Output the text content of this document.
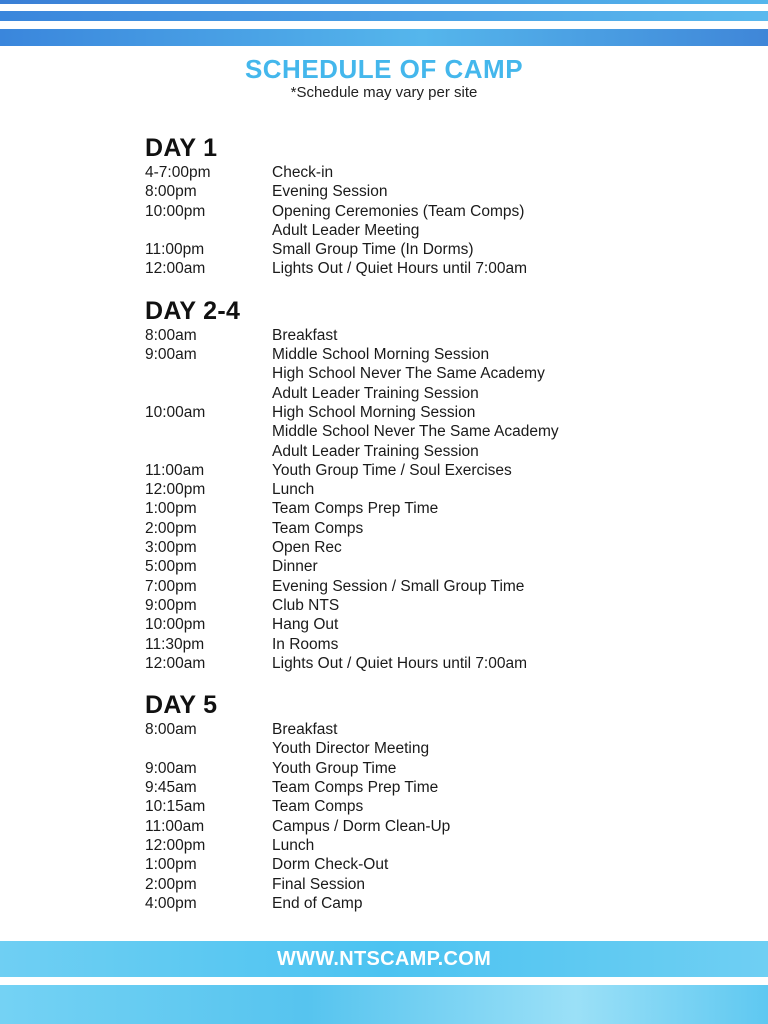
SCHEDULE OF CAMP
*Schedule may vary per site
DAY 1
4-7:00pm	Check-in
8:00pm	Evening Session
10:00pm	Opening Ceremonies (Team Comps)
Adult Leader Meeting
11:00pm	Small Group Time (In Dorms)
12:00am	Lights Out / Quiet Hours until 7:00am
DAY 2-4
8:00am	Breakfast
9:00am	Middle School Morning Session
High School Never The Same Academy
Adult Leader Training Session
10:00am	High School Morning Session
Middle School Never The Same Academy
Adult Leader Training Session
11:00am	Youth Group Time / Soul Exercises
12:00pm	Lunch
1:00pm	Team Comps Prep Time
2:00pm	Team Comps
3:00pm	Open Rec
5:00pm	Dinner
7:00pm	Evening Session / Small Group Time
9:00pm	Club NTS
10:00pm	Hang Out
11:30pm	In Rooms
12:00am	Lights Out / Quiet Hours until 7:00am
DAY 5
8:00am	Breakfast
Youth Director Meeting
9:00am	Youth Group Time
9:45am	Team Comps Prep Time
10:15am	Team Comps
11:00am	Campus / Dorm Clean-Up
12:00pm	Lunch
1:00pm	Dorm Check-Out
2:00pm	Final Session
4:00pm	End of Camp
WWW.NTSCAMP.COM
